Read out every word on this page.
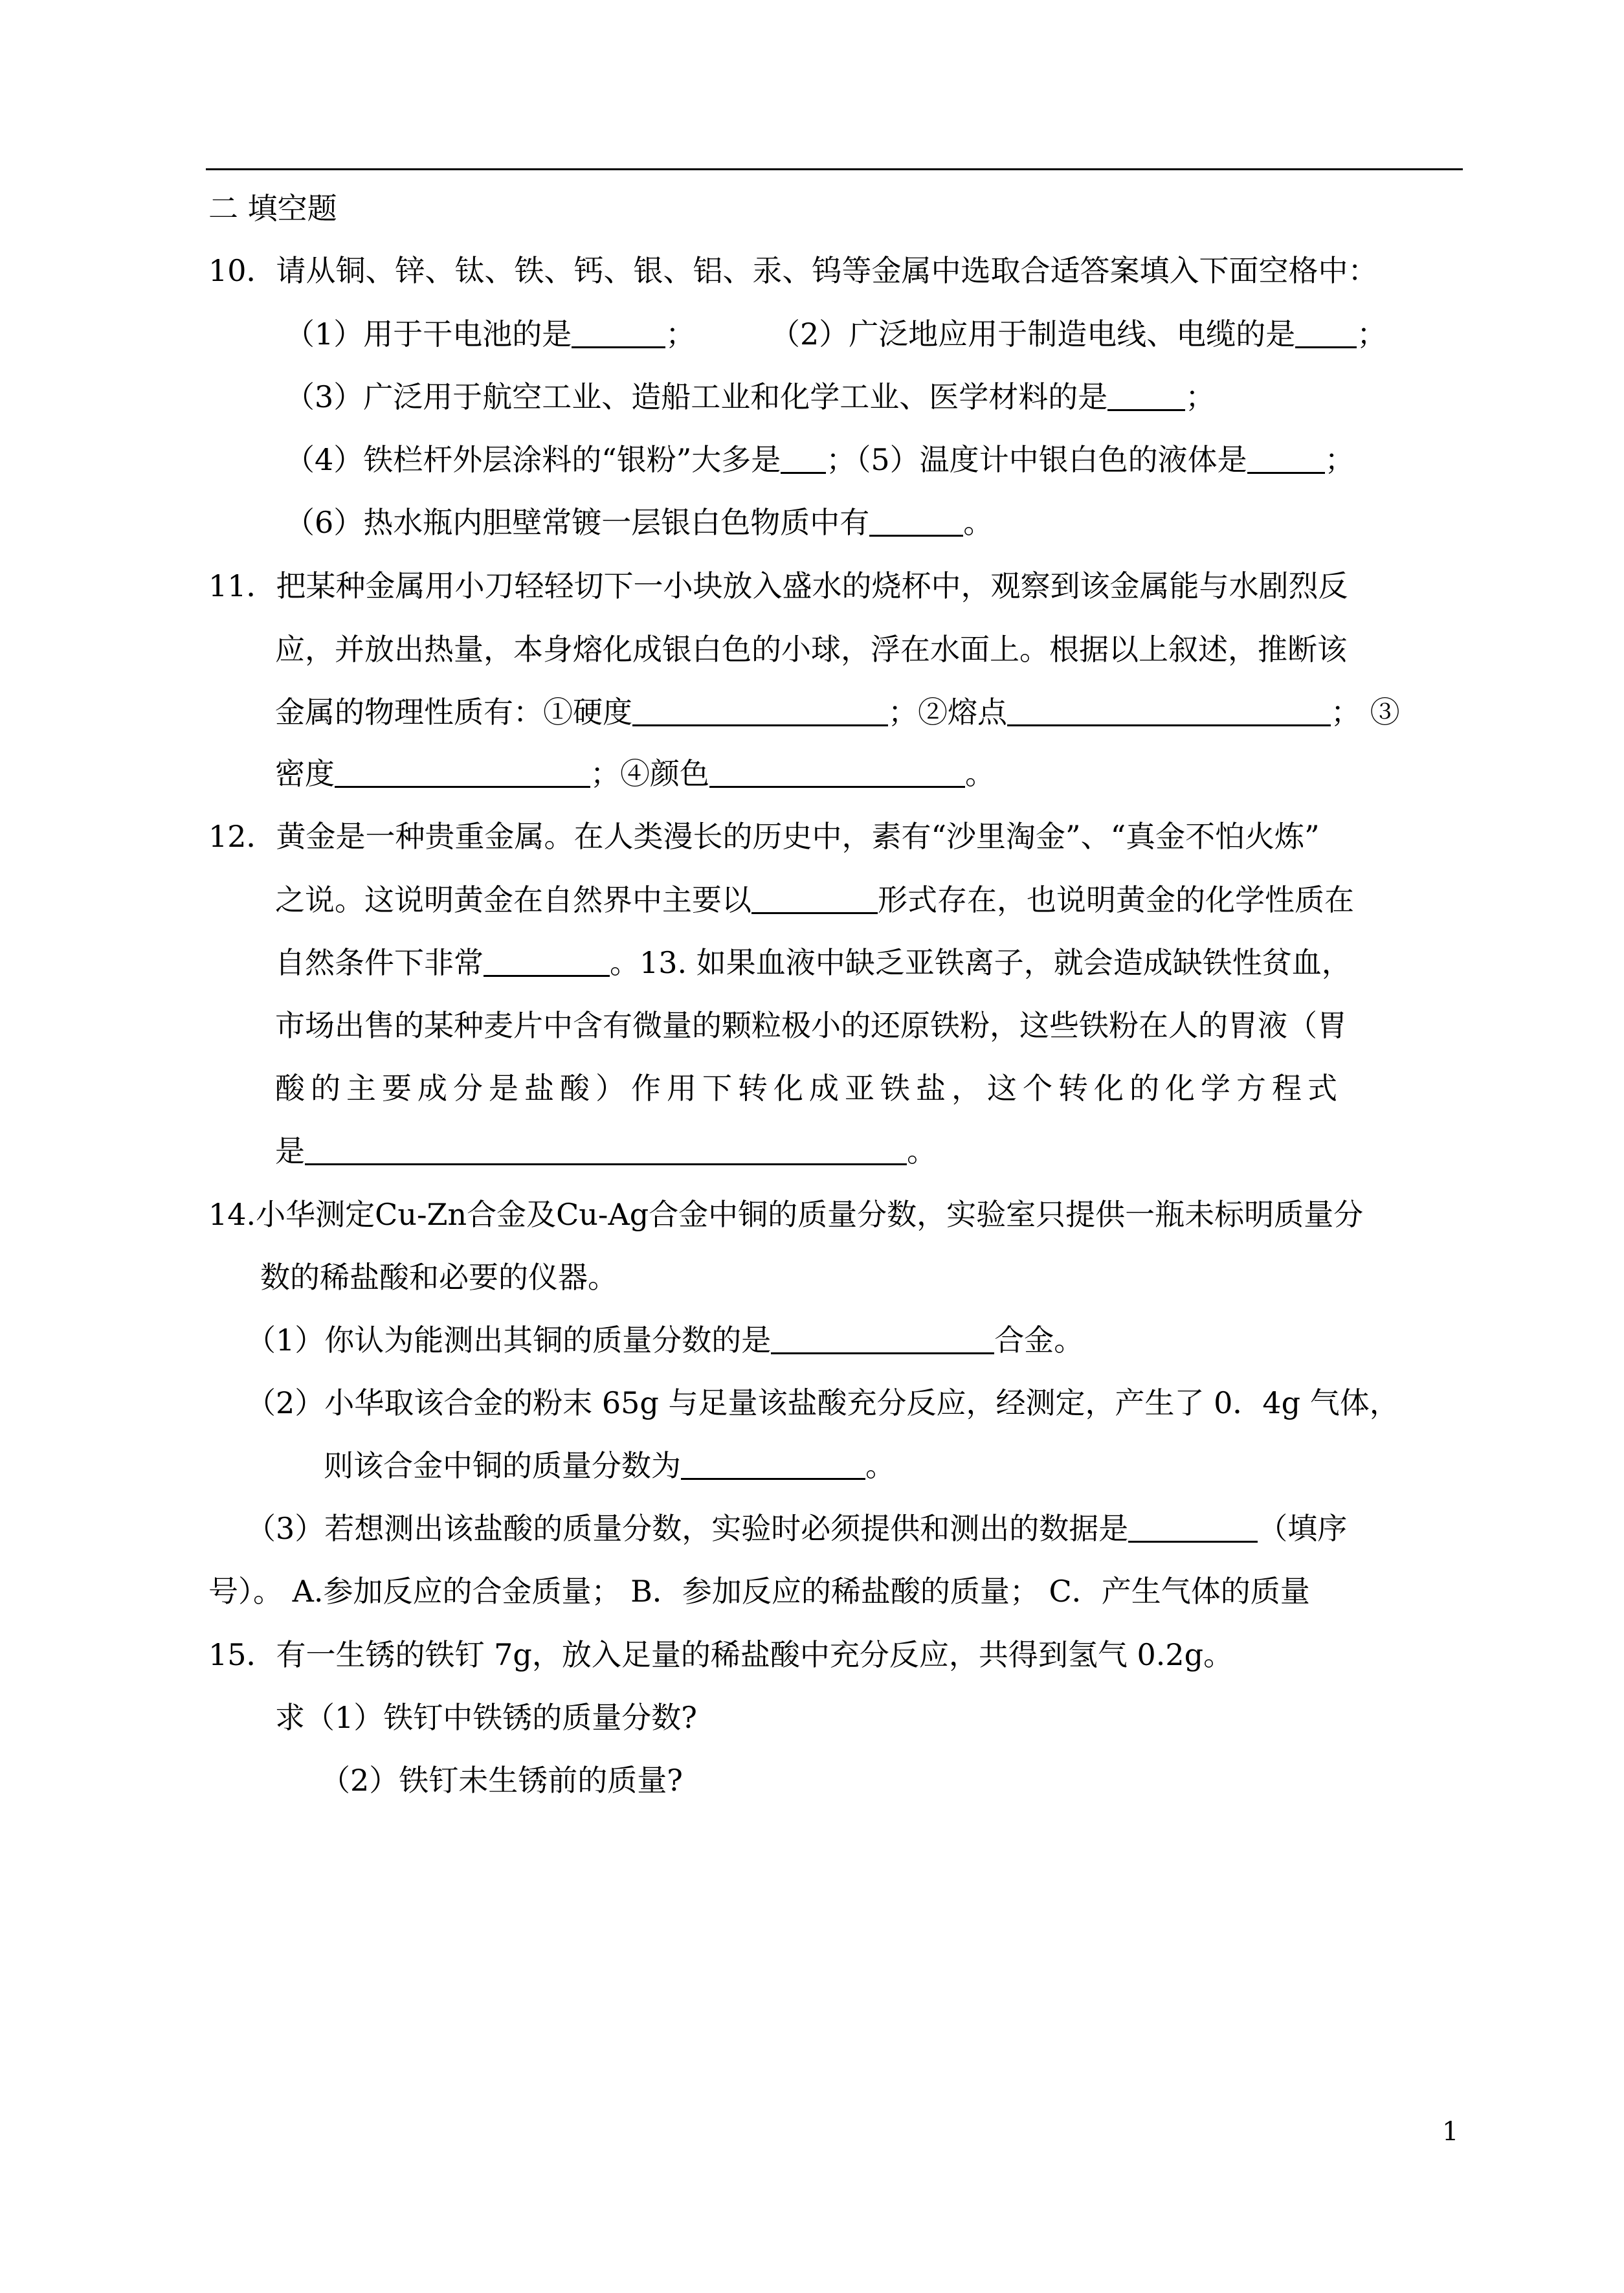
二 填空题
10．请从铜、锌、钛、铁、钙、银、铝、汞、钨等金属中选取合适答案填入下面空格中：
（1）用于干电池的是	；	（2）广泛地应用于制造电线、电缆的是 ；
（3）广泛用于航空工业、造船工业和化学工业、医学材料的是	；
（4）铁栏杆外层涂料的“银粉”大多是 ；（5）温度计中银白色的液体是	；
（6）热水瓶内胆壁常镀一层银白色物质中有	。
11．把某种金属用小刀轻轻切下一小块放入盛水的烧杯中，观察到该金属能与水剧烈反
应，并放出热量，本身熔化成银白色的小球，浮在水面上。根据以上叙述，推断该
金属的物理性质有：①硬度	；②熔点	； ③
密度	；④颜色	。
12．黄金是一种贵重金属。在人类漫长的历史中，素有“沙里淘金”、“真金不怕火炼”
之说。这说明黄金在自然界中主要以	形式存在，也说明黄金的化学性质在
自然条件下非常	。13. 如果血液中缺乏亚铁离子，就会造成缺铁性贫血，
市场出售的某种麦片中含有微量的颗粒极小的还原铁粉，这些铁粉在人的胃液（胃
酸的主要成分是盐酸）作用下转化成亚铁盐，这个转化的化学方程式
是	。
14.小华测定Cu-Zn合金及Cu-Ag合金中铜的质量分数，实验室只提供一瓶未标明质量分
数的稀盐酸和必要的仪器。
（1）你认为能测出其铜的质量分数的是	合金。
（2）小华取该合金的粉末 65g 与足量该盐酸充分反应，经测定，产生了 0．4g 气体，
则该合金中铜的质量分数为	。
（3）若想测出该盐酸的质量分数，实验时必须提供和测出的数据是	（填序
号）。 A.参加反应的合金质量； B．参加反应的稀盐酸的质量； C．产生气体的质量
15．有一生锈的铁钉 7g，放入足量的稀盐酸中充分反应，共得到氢气 0.2g。
求（1）铁钉中铁锈的质量分数?
（2）铁钉未生锈前的质量?
1
